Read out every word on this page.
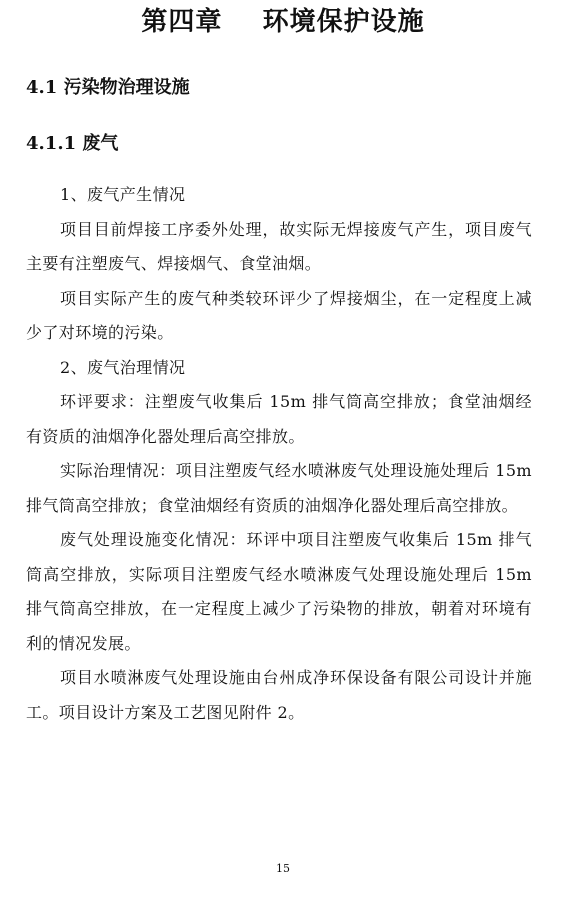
第四章    环境保护设施
4.1 污染物治理设施
4.1.1 废气

1、废气产生情况

项目目前焊接工序委外处理，故实际无焊接废气产生，项目废气主要有注塑废气、焊接烟气、食堂油烟。

项目实际产生的废气种类较环评少了焊接烟尘，在一定程度上减少了对环境的污染。

2、废气治理情况

环评要求：注塑废气收集后 15m 排气筒高空排放；食堂油烟经有资质的油烟净化器处理后高空排放。

实际治理情况：项目注塑废气经水喷淋废气处理设施处理后 15m 排气筒高空排放；食堂油烟经有资质的油烟净化器处理后高空排放。

废气处理设施变化情况：环评中项目注塑废气收集后 15m 排气筒高空排放，实际项目注塑废气经水喷淋废气处理设施处理后 15m 排气筒高空排放，在一定程度上减少了污染物的排放，朝着对环境有利的情况发展。

项目水喷淋废气处理设施由台州成净环保设备有限公司设计并施工。项目设计方案及工艺图见附件 2。

15
